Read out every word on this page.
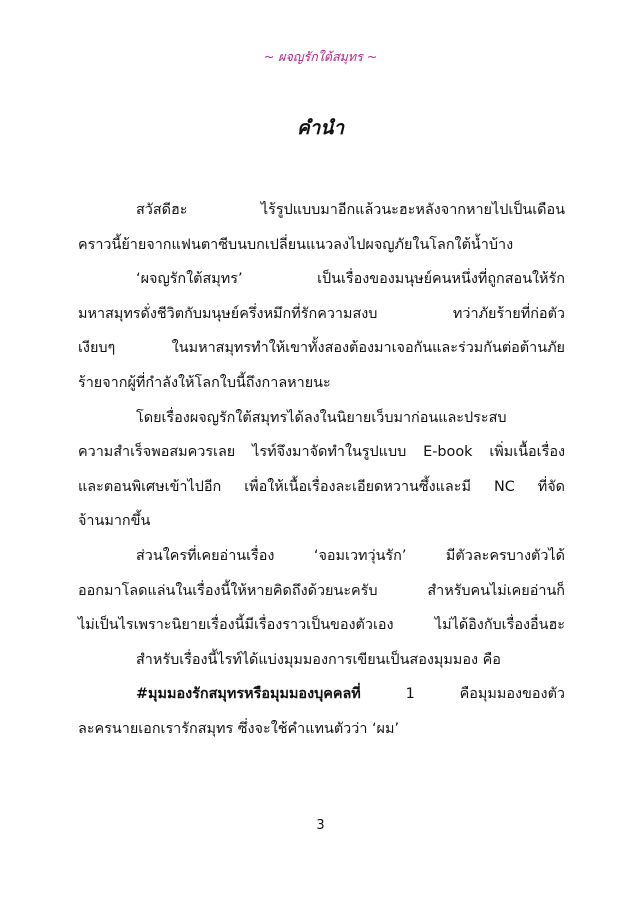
~ ผจญรักใต้สมุทร ~
คำนำ
สวัสดีฮะ ไร้รูปแบบมาอีกแล้วนะฮะหลังจากหายไปเป็นเดือน
คราวนี้ย้ายจากแฟนตาซีบนบกเปลี่ยนแนวลงไปผจญภัยในโลกใต้น้ำบ้าง
‘ผจญรักใต้สมุทร’ เป็นเรื่องของมนุษย์คนหนึ่งที่ถูกสอนให้รัก
มหาสมุทรดั่งชีวิตกับมนุษย์ครึ่งหมึกที่รักความสงบ ทว่าภัยร้ายที่ก่อตัว
เงียบๆ ในมหาสมุทรทำให้เขาทั้งสองต้องมาเจอกันและร่วมกันต่อต้านภัย
ร้ายจากผู้ที่กำลังให้โลกใบนี้ถึงกาลหายนะ
โดยเรื่องผจญรักใต้สมุทรได้ลงในนิยายเว็บมาก่อนและประสบ
ความสำเร็จพอสมควรเลย ไรท์จึงมาจัดทำในรูปแบบ E-book เพิ่มเนื้อเรื่อง
และตอนพิเศษเข้าไปอีก เพื่อให้เนื้อเรื่องละเอียดหวานซึ้งและมี NC ที่จัด
จ้านมากขึ้น
ส่วนใครที่เคยอ่านเรื่อง ‘จอมเวทวุ่นรัก’ มีตัวละครบางตัวได้
ออกมาโลดแล่นในเรื่องนี้ให้หายคิดถึงด้วยนะครับ สำหรับคนไม่เคยอ่านก็
ไม่เป็นไรเพราะนิยายเรื่องนี้มีเรื่องราวเป็นของตัวเอง ไม่ได้อิงกับเรื่องอื่นฮะ
สำหรับเรื่องนี้ไรท์ได้แบ่งมุมมองการเขียนเป็นสองมุมมอง คือ
#มุมมองรักสมุทรหรือมุมมองบุคคลที่ 1 คือมุมมองของตัว
ละครนายเอกเรารักสมุทร ซึ่งจะใช้คำแทนตัวว่า ‘ผม’
3
